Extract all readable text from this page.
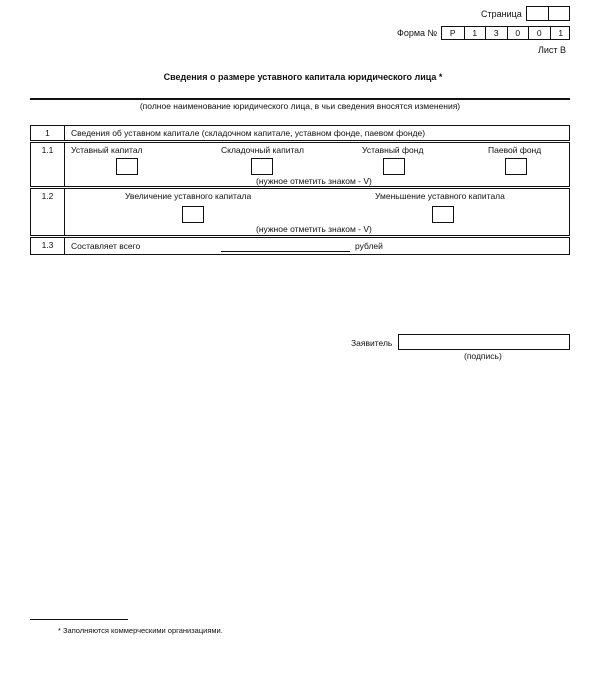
Страница
Форма №	Р	1	3	0	0	1
Лист В
Сведения о размере уставного капитала юридического лица *
(полное наименование юридического лица, в чьи сведения вносятся изменения)
1	Сведения об уставном капитале (складочном капитале, уставном фонде, паевом фонде)
1.1	Уставный капитал	Складочный капитал	Уставный фонд	Паевой фонд
(нужное отметить знаком - V)
1.2	Увеличение уставного капитала	Уменьшение уставного капитала
(нужное отметить знаком - V)
1.3	Составляет всего	рублей
Заявитель
(подпись)
* Заполняются коммерческими организациями.
